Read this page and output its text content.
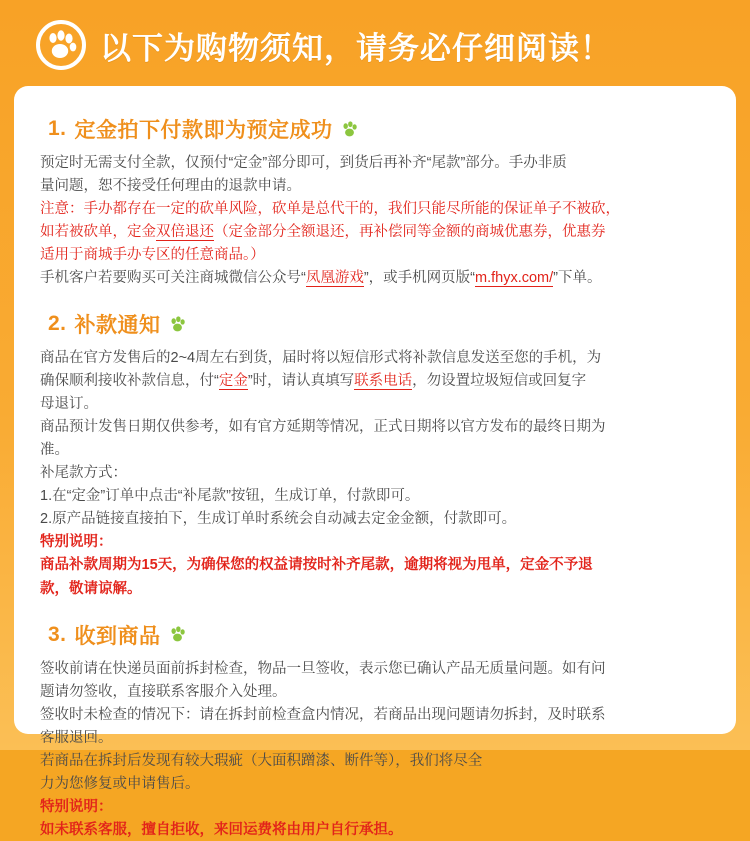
以下为购物须知，请务必仔细阅读！
1. 定金拍下付款即为预定成功

预定时无需支付全款，仅预付“定金”部分即可，到货后再补齐“尾款”部分。手办非质

量问题，恕不接受任何理由的退款申请。

注意：手办都存在一定的砍单风险，砍单是总代干的，我们只能尽所能的保证单子不被砍，

如若被砍单，定金双倍退还（定金部分全额退还，再补偿同等金额的商城优惠券，优惠券

适用于商城手办专区的任意商品。）

手机客户若要购买可关注商城微信公众号“凤凰游戏”，或手机网页版“m.fhyx.com/”下单。

2. 补款通知

商品在官方发售后的2~4周左右到货，届时将以短信形式将补款信息发送至您的手机，为

确保顺利接收补款信息，付“定金”时，请认真填写联系电话，勿设置垃圾短信或回复字

母退订。

商品预计发售日期仅供参考，如有官方延期等情况，正式日期将以官方发布的最终日期为

准。

补尾款方式：

1.在“定金”订单中点击“补尾款”按钮，生成订单，付款即可。

2.原产品链接直接拍下，生成订单时系统会自动减去定金金额，付款即可。

特别说明：

商品补款周期为15天，为确保您的权益请按时补齐尾款，逾期将视为甩单，定金不予退

款，敬请谅解。

3. 收到商品

签收前请在快递员面前拆封检查，物品一旦签收，表示您已确认产品无质量问题。如有问

题请勿签收，直接联系客服介入处理。

签收时未检查的情况下：请在拆封前检查盒内情况，若商品出现问题请勿拆封，及时联系

客服退回。

若商品在拆封后发现有较大瑕疵（大面积蹭漆、断件等），我们将尽全

力为您修复或申请售后。

特别说明：

如未联系客服，擅自拒收，来回运费将由用户自行承担。
